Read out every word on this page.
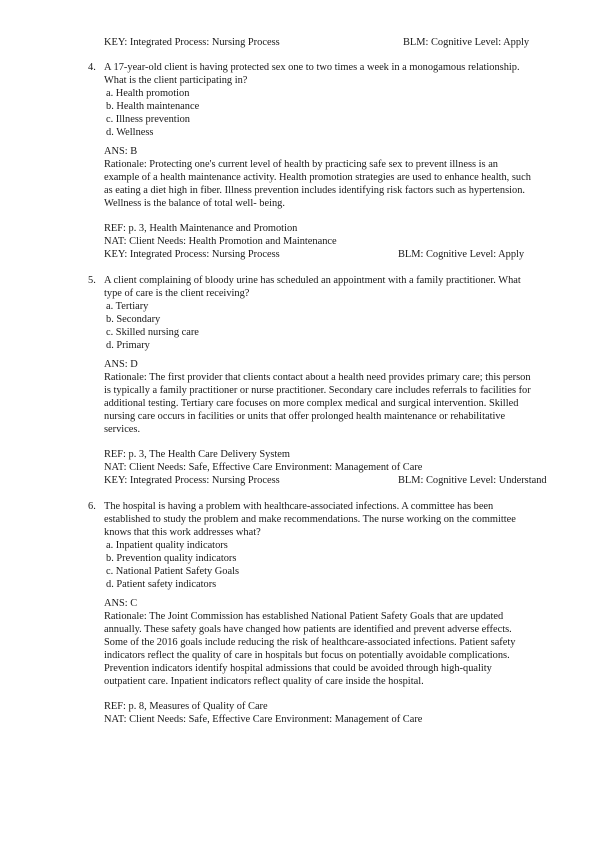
KEY: Integrated Process: Nursing Process	BLM: Cognitive Level: Apply
4. A 17-year-old client is having protected sex one to two times a week in a monogamous relationship.
What is the client participating in?
a. Health promotion
b. Health maintenance
c. Illness prevention
d. Wellness
ANS: B
Rationale: Protecting one's current level of health by practicing safe sex to prevent illness is an
example of a health maintenance activity. Health promotion strategies are used to enhance health, such
as eating a diet high in fiber. Illness prevention includes identifying risk factors such as hypertension.
Wellness is the balance of total well- being.
REF: p. 3, Health Maintenance and Promotion
NAT: Client Needs: Health Promotion and Maintenance
KEY: Integrated Process: Nursing Process	BLM: Cognitive Level: Apply
5. A client complaining of bloody urine has scheduled an appointment with a family practitioner. What
type of care is the client receiving?
a. Tertiary
b. Secondary
c. Skilled nursing care
d. Primary
ANS: D
Rationale: The first provider that clients contact about a health need provides primary care; this person
is typically a family practitioner or nurse practitioner. Secondary care includes referrals to facilities for
additional testing. Tertiary care focuses on more complex medical and surgical intervention. Skilled
nursing care occurs in facilities or units that offer prolonged health maintenance or rehabilitative
services.
REF: p. 3, The Health Care Delivery System
NAT: Client Needs: Safe, Effective Care Environment: Management of Care
KEY: Integrated Process: Nursing Process	BLM: Cognitive Level: Understand
6. The hospital is having a problem with healthcare-associated infections. A committee has been
established to study the problem and make recommendations. The nurse working on the committee
knows that this work addresses what?
a. Inpatient quality indicators
b. Prevention quality indicators
c. National Patient Safety Goals
d. Patient safety indicators
ANS: C
Rationale: The Joint Commission has established National Patient Safety Goals that are updated
annually. These safety goals have changed how patients are identified and prevent adverse effects.
Some of the 2016 goals include reducing the risk of healthcare-associated infections. Patient safety
indicators reflect the quality of care in hospitals but focus on potentially avoidable complications.
Prevention indicators identify hospital admissions that could be avoided through high-quality
outpatient care. Inpatient indicators reflect quality of care inside the hospital.
REF: p. 8, Measures of Quality of Care
NAT: Client Needs: Safe, Effective Care Environment: Management of Care
